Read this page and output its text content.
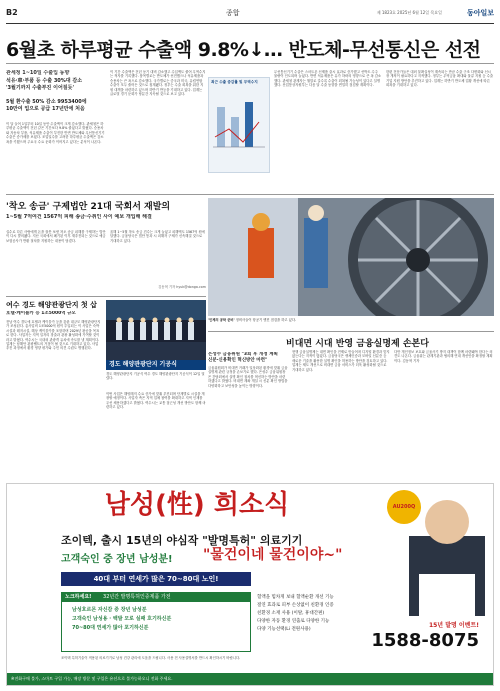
B2	종합	제 1823호 2025년 6월 12일 목요일	동아일보
6월초 하루평균 수출액 9.8%↓… 반도체-무선통신은 선전
관세청 1~10일 수출입 동향
석유·車·부품 등 수출 30%대 감소
'3월기까지 수출부진 이어질듯'
5월 환수출 50% 감소 9953400에
10만여 업으로 공급 17년만에 처음
이 달 들어 1일부터 10일 동안 수출액이 크게 감소했다. 관세청은 하루평균 수출액이 전년 같은 기간보다 9.8% 줄었다고 밝혔다. 승용차와 자동차 부품, 석유제품 수출이 부진한 반면 반도체와 무선통신기기 수출은 증가세를 보였다. 조업일수를 고려한 하루평균 수출액은 감소폭을 키웠으며 주요국 수요 둔화가 이어지고 있다는 분석이 나온다.
이 기간 수출액은 전년 동기 대비 감소했고 수입액도 줄어 무역수지는 적자를 기록했다. 품목별로는 반도체가 선전했으나 석유제품과 승용차는 큰 폭으로 감소했다. 국가별로는 중국과 미국, 유럽연합 수출이 모두 줄어든 것으로 집계됐다. 정부는 수출 회복을 위한 지원 대책을 마련하고 있으며 하반기 반등을 기대하고 있다. 업계는 글로벌 경기 둔화가 당분간 지속될 것으로 보고 있다.
최근 수출 증감률 및 무역수지
무선통신기기 수출은 스마트폰 신제품 출시 효과로 증가했고 선박도 수주 물량이 인도되며 늘었다. 반면 석유제품은 유가 하락의 영향으로 큰 폭 감소했다. 관세청 관계자는 월말로 갈수록 수출이 회복될 가능성이 있다고 설명했다. 산업통상자원부는 다음 달 수출 동향을 면밀히 점검할 계획이다.
한편 전문가들은 대외 불확실성이 계속되는 만큼 수출 구조 다변화와 신시장 개척이 필요하다고 지적했다. 정부는 무역금융 확대와 물류 지원 등 수출기업 지원 방안을 추진하고 있다. 업계는 하반기 반도체 업황 개선에 따른 회복을 기대하고 있다.
'착오 송금' 구제법안 21대 국회서 재발의
1~5월 7억여건 1567억 피해 송금·수취인 사이 예보 개입해 해결
실수로 다른 사람에게 돈을 잘못 보낸 착오 송금 피해를 구제하는 법안이 다시 발의됐다. 지난 국회에서 폐기된 이후 재추진되는 것으로 예금보험공사가 반환 절차를 지원하는 내용이 담겼다.
올해 1~5월 착오 송금 건수는 크게 늘었고 피해액도 1567억 원에 달했다. 금융당국은 법안 통과 시 피해자 구제가 신속해질 것으로 기대하고 있다.
김동혁 기자 hyuk@donga.com
여수 경도 해양관광단지 첫 삽
호텔·케이블카 등 1조5000억 규모
전남 여수 경도에 호텔과 케이블카 등을 갖춘 대규모 해양관광단지가 조성된다. 총사업비 1조5000억 원이 투입되는 이 사업은 숙박시설과 레저시설, 해상 케이블카를 포함하며 2029년 완공을 목표로 한다. 사업자는 지역 일자리 창출과 관광 활성화에 기여할 것이라고 밝혔다. 여수시는 국내외 관광객 유치에 속도를 낼 계획이다. 업계는 남해안 관광벨트의 거점이 될 것으로 기대하고 있다. 사업 추진 과정에서 환경 영향 평가와 주민 의견 수렴도 병행된다.
경도 해양관광단지 기공식
경도 해양관광단지 기공식 여수 경도 해양관광단지 기공식이 12일 열렸다.
이번 사업은 해양레저 수요 증가에 맞춰 추진되며 단계별로 시설을 개장할 예정이다. 사업자 측은 지역 업체 참여를 확대하고 지역 인재를 우선 채용하겠다고 밝혔다. 여수시는 교통 접근성 개선 방안도 함께 마련하고 있다.
'인체의 공학 준비' 정비사들이 항공기 엔진 점검을 하고 있다.
비대면 시대 반영 금융실명제 손본다
은성수 금융위원 "3회 후 개정 계획
신분·신용확인 혁신방안 마련"
금융위원회가 비대면 거래가 일상화된 환경에 맞춰 금융실명제 관련 규정을 손보기로 했다. 은성수 금융위원장은 간담회에서 실명 확인 절차를 혁신하는 방안을 마련하겠다고 밝혔다. 비대면 계좌 개설 시 신분 확인 방법을 다양화하고 보안성을 높이는 방향이다.
현행 금융실명제는 대면 확인을 전제로 만들어져 디지털 환경과 맞지 않는다는 지적이 많았다. 금융당국은 생체인증과 모바일 신분증 등 새로운 기술을 활용한 실명 확인을 허용하는 방안을 검토하고 있다. 업계는 제도 개선으로 비대면 금융 서비스가 더욱 활성화될 것으로 기대하고 있다.
다만 개인정보 보호와 금융사기 방지 대책이 함께 마련돼야 한다는 의견도 나온다. 금융위는 관계기관과 협의해 연내 개선안을 확정할 계획이다. 김동혁 기자
남성(性) 희소식
조이텍, 출시 15년의 야심작 "발명특허" 의료기기
고객숙인 중 장년 남성분! "물건이네 물건이야~"
40대 부터 연세가 많은 70~80대 노인!
AU200Q
노크하세요! 32년간 발명특허인증제품 가전
남성호르몬 자신감 증 장년 남성분
고객숙인 남성용 · 백발 모로 실패 호기하신분
70~80대 연세가 많아 포기하신분
혈액을 힘차게 보내 혈액순환 개선 기능
절연 효과로 피부 손상없이 친환경 인증
친환경 소재 사용 (이탈, 휴대간편)
다양한 자동 환경 연출로 다양한 기능
다양 기능선택(Li 전원사용)
15년 발명 이벤트!
1588-8075
※전화구매 불가, 스마트 구입 가능, 매장 방문 및 구입은 유선으로 불가능하오니 전화 주세요.
조이텍 특허기술이 적용된 의료기기로 남성 건강 관리에 도움을 드립니다. 사용 전 사용설명서를 반드시 확인하시기 바랍니다.
